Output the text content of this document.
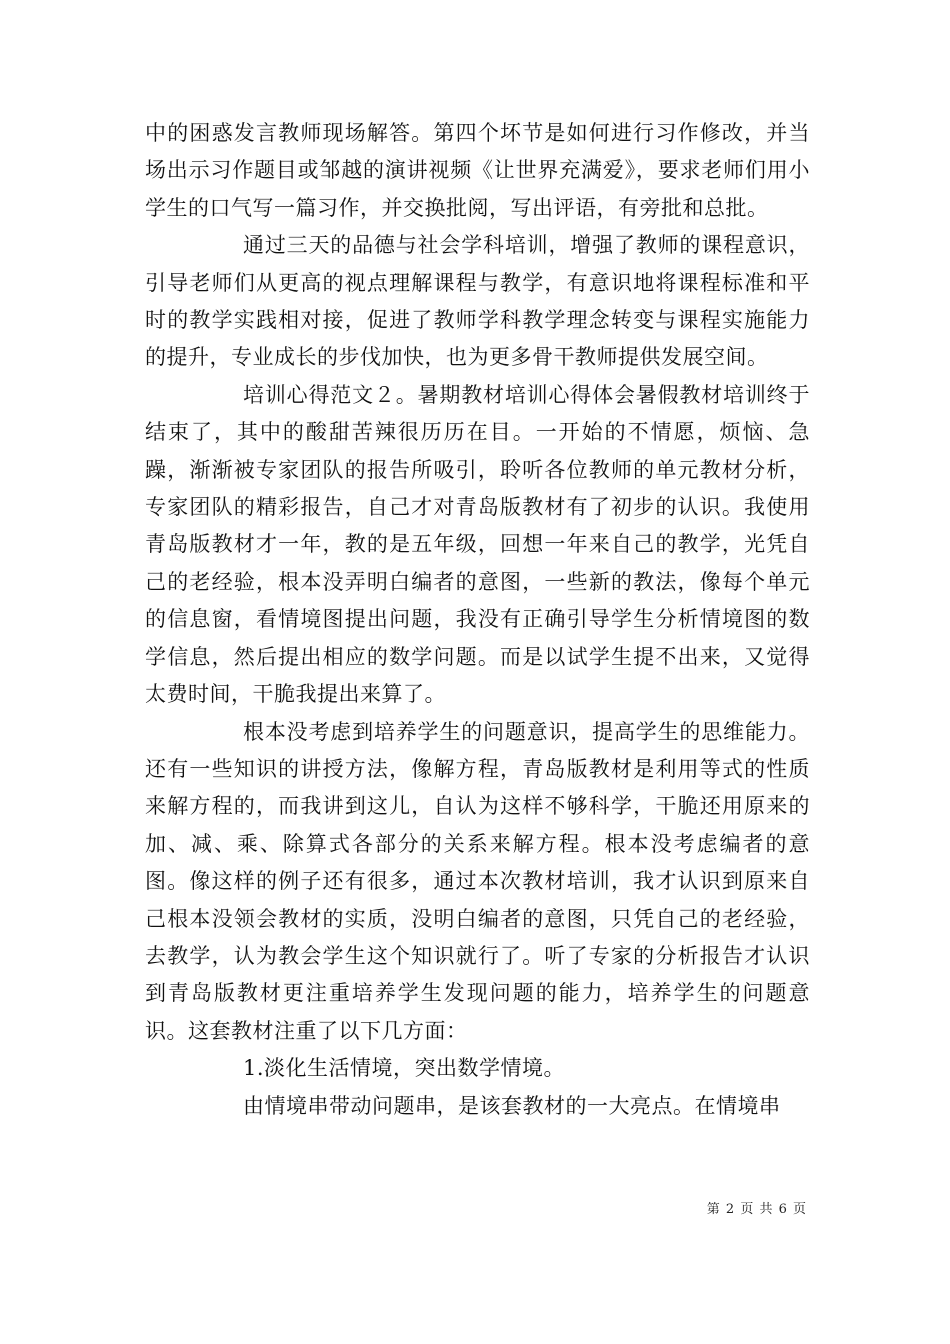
中的困惑发言教师现场解答。第四个坏节是如何进行习作修改，并当场出示习作题目或邹越的演讲视频《让世界充满爱》，要求老师们用小学生的口气写一篇习作，并交换批阅，写出评语，有旁批和总批。

通过三天的品德与社会学科培训，增强了教师的课程意识，引导老师们从更高的视点理解课程与教学，有意识地将课程标准和平时的教学实践相对接，促进了教师学科教学理念转变与课程实施能力的提升，专业成长的步伐加快，也为更多骨干教师提供发展空间。

培训心得范文２。暑期教材培训心得体会暑假教材培训终于结束了，其中的酸甜苦辣很历历在目。一开始的不情愿，烦恼、急躁，渐渐被专家团队的报告所吸引，聆听各位教师的单元教材分析，专家团队的精彩报告，自己才对青岛版教材有了初步的认识。我使用青岛版教材才一年，教的是五年级，回想一年来自己的教学，光凭自己的老经验，根本没弄明白编者的意图，一些新的教法，像每个单元的信息窗，看情境图提出问题，我没有正确引导学生分析情境图的数学信息，然后提出相应的数学问题。而是以试学生提不出来，又觉得太费时间，干脆我提出来算了。

根本没考虑到培养学生的问题意识，提高学生的思维能力。还有一些知识的讲授方法，像解方程，青岛版教材是利用等式的性质来解方程的，而我讲到这儿，自认为这样不够科学，干脆还用原来的加、减、乘、除算式各部分的关系来解方程。根本没考虑编者的意图。像这样的例子还有很多，通过本次教材培训，我才认识到原来自己根本没领会教材的实质，没明白编者的意图，只凭自己的老经验，去教学，认为教会学生这个知识就行了。听了专家的分析报告才认识到青岛版教材更注重培养学生发现问题的能力，培养学生的问题意识。这套教材注重了以下几方面：

1.淡化生活情境，突出数学情境。

由情境串带动问题串，是该套教材的一大亮点。在情境串

第 2 页 共 6 页
